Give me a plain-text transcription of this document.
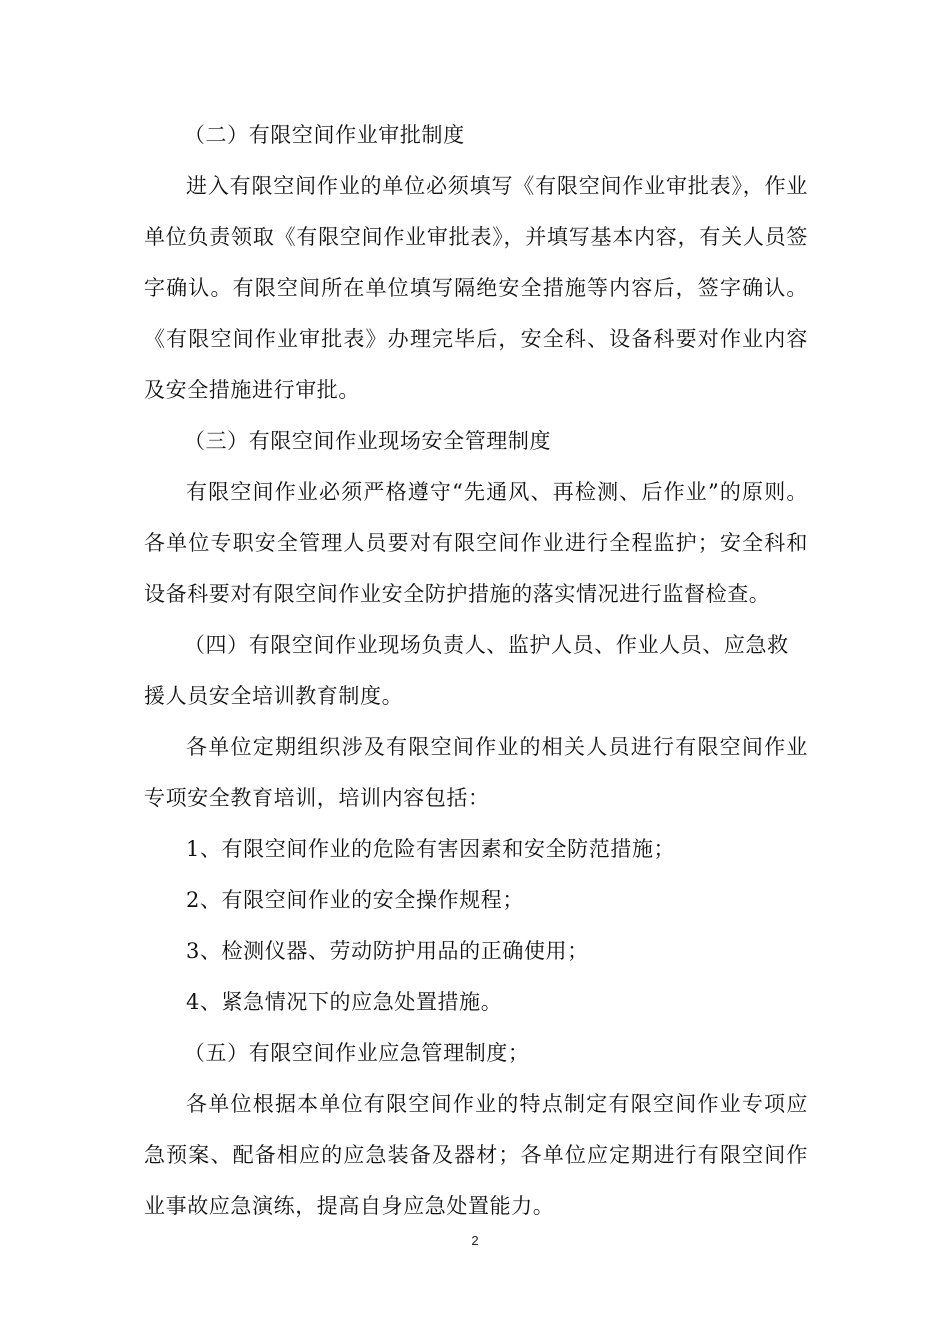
（二）有限空间作业审批制度

进入有限空间作业的单位必须填写《有限空间作业审批表》，作业单位负责领取《有限空间作业审批表》，并填写基本内容，有关人员签字确认。有限空间所在单位填写隔绝安全措施等内容后，签字确认。《有限空间作业审批表》办理完毕后，安全科、设备科要对作业内容及安全措施进行审批。

（三）有限空间作业现场安全管理制度

有限空间作业必须严格遵守“先通风、再检测、后作业”的原则。各单位专职安全管理人员要对有限空间作业进行全程监护；安全科和设备科要对有限空间作业安全防护措施的落实情况进行监督检查。

（四）有限空间作业现场负责人、监护人员、作业人员、应急救援人员安全培训教育制度。

各单位定期组织涉及有限空间作业的相关人员进行有限空间作业专项安全教育培训，培训内容包括：

1、有限空间作业的危险有害因素和安全防范措施；

2、有限空间作业的安全操作规程；

3、检测仪器、劳动防护用品的正确使用；

4、紧急情况下的应急处置措施。

（五）有限空间作业应急管理制度；

各单位根据本单位有限空间作业的特点制定有限空间作业专项应急预案、配备相应的应急装备及器材；各单位应定期进行有限空间作业事故应急演练，提高自身应急处置能力。

2
